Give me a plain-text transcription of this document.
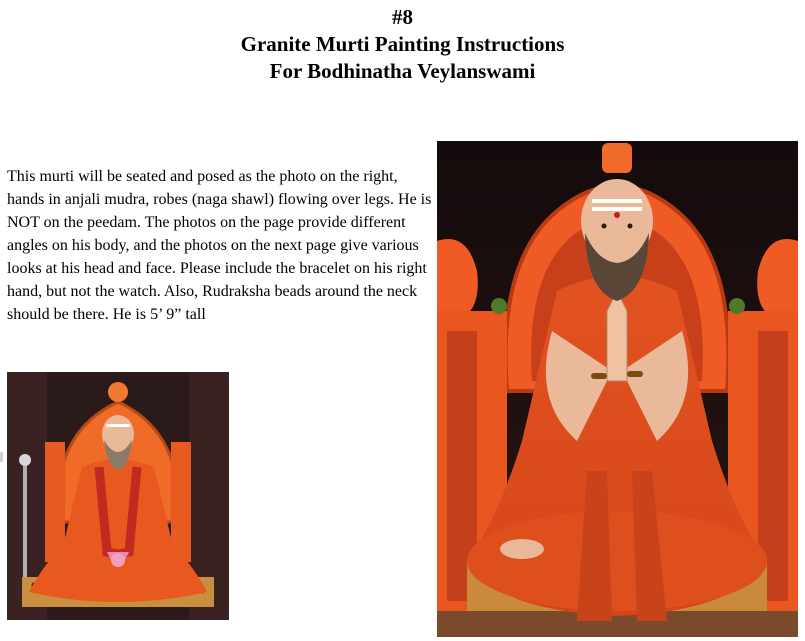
#8
Granite Murti Painting Instructions
For Bodhinatha Veylanswami
This murti will be seated and posed as the photo on the right, hands in anjali mudra, robes (naga shawl) flowing over legs. He is NOT on the peedam. The photos on the page provide different angles on his body, and the photos on the next page give various looks at his head and face. Please include the bracelet on his right hand, but not the watch. Also, Rudraksha beads around the neck should be there. He is 5’ 9” tall
